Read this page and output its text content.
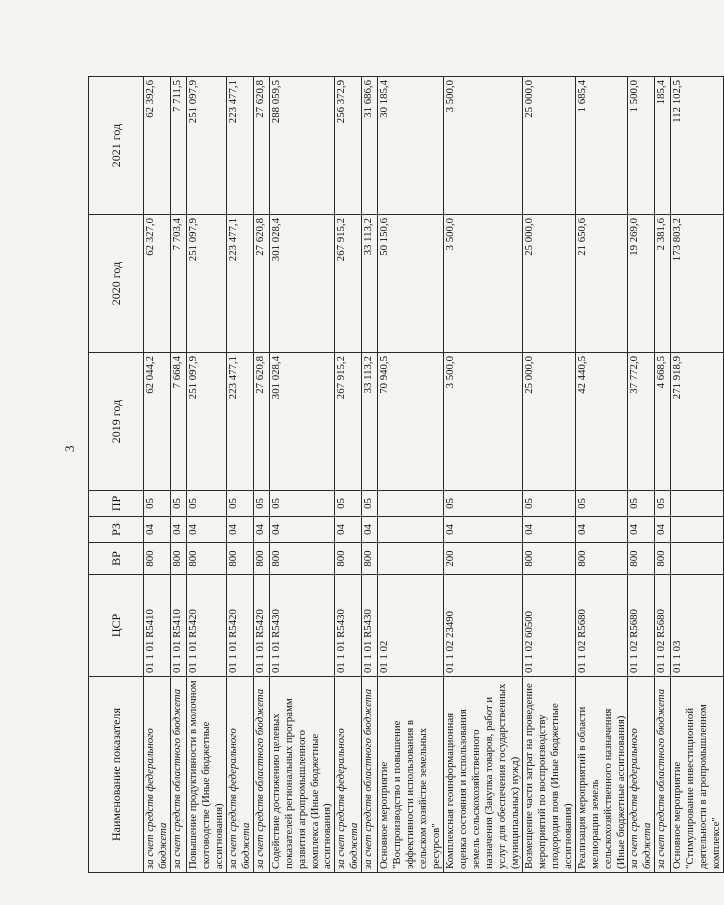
3
Наименование показателя	ЦСР	ВР	РЗ	ПР	2019 год	2020 год	2021 год
за счет средств федерального бюджета	01 1 01 R5410	800	04	05	62 044,2	62 327,0	62 392,6
за счет средств областного бюджета	01 1 01 R5410	800	04	05	7 668,4	7 703,4	7 711,5
Повышение продуктивности в молочном скотоводстве (Иные бюджетные ассигнования)	01 1 01 R5420	800	04	05	251 097,9	251 097,9	251 097,9
за счет средств федерального бюджета	01 1 01 R5420	800	04	05	223 477,1	223 477,1	223 477,1
за счет средств областного бюджета	01 1 01 R5420	800	04	05	27 620,8	27 620,8	27 620,8
Содействие достижению целевых показателей региональных программ развития агропромышленного комплекса (Иные бюджетные ассигнования)	01 1 01 R5430	800	04	05	301 028,4	301 028,4	288 059,5
за счет средств федерального бюджета	01 1 01 R5430	800	04	05	267 915,2	267 915,2	256 372,9
за счет средств областного бюджета	01 1 01 R5430	800	04	05	33 113,2	33 113,2	31 686,6
Основное мероприятие "Воспроизводство и повышение эффективности использования в сельском хозяйстве земельных ресурсов"	01 1 02				70 940,5	50 150,6	30 185,4
Комплексная геоинформационная оценка состояния и использования земель сельскохозяйственного назначения (Закупка товаров, работ и услуг для обеспечения государственных (муниципальных) нужд)	01 1 02 23490	200	04	05	3 500,0	3 500,0	3 500,0
Возмещение части затрат на проведение мероприятий по воспроизводству плодородия почв (Иные бюджетные ассигнования)	01 1 02 60500	800	04	05	25 000,0	25 000,0	25 000,0
Реализация мероприятий в области мелиорации земель сельскохозяйственного назначения (Иные бюджетные ассигнования)	01 1 02 R5680	800	04	05	42 440,5	21 650,6	1 685,4
за счет средств федерального бюджета	01 1 02 R5680	800	04	05	37 772,0	19 269,0	1 500,0
за счет средств областного бюджета	01 1 02 R5680	800	04	05	4 668,5	2 381,6	185,4
Основное мероприятие "Стимулирование инвестиционной деятельности в агропромышленном комплексе"	01 1 03				271 918,9	173 803,2	112 102,5
